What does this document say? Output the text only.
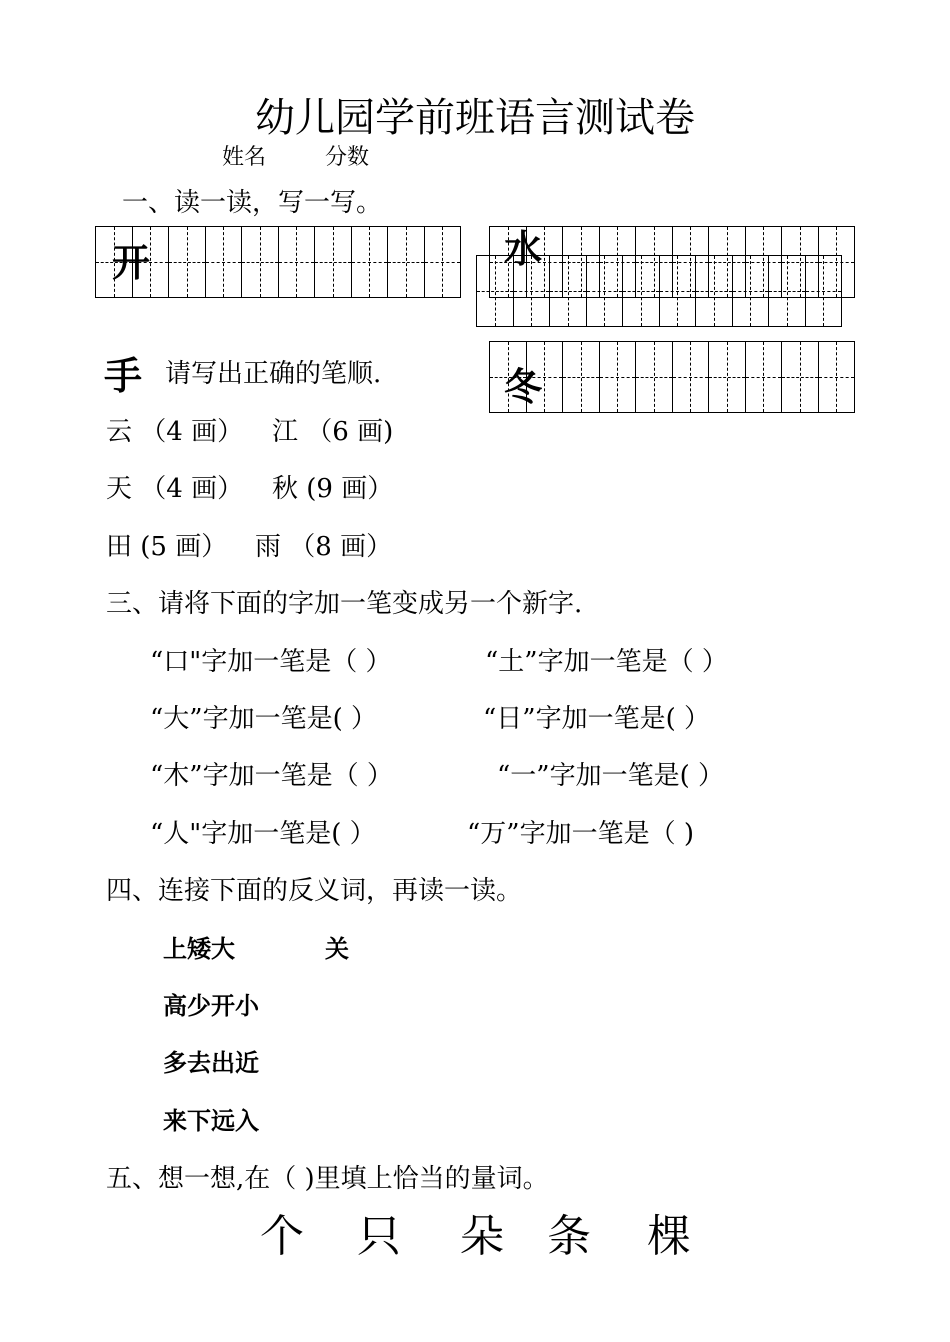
幼儿园学前班语言测试卷
姓名	分数
一、读一读，写一写。
开	水
手	冬
请写出正确的笔顺.
云 （4 画） 江 （6 画)
天 （4 画） 秋 (9 画）
田 (5 画） 雨 （8 画）
三、请将下面的字加一笔变成另一个新字.
“口"字加一笔是（ ）	“土”字加一笔是（ ）
“大”字加一笔是( ）	“日”字加一笔是( ）
“木”字加一笔是（ ）	“一”字加一笔是( ）
“人"字加一笔是( ）	“万”字加一笔是（ )
四、连接下面的反义词，再读一读。
上矮大	关
高少开小
多去出近
来下远入
五、想一想,在（ )里填上恰当的量词。
个 只 朵 条 棵
